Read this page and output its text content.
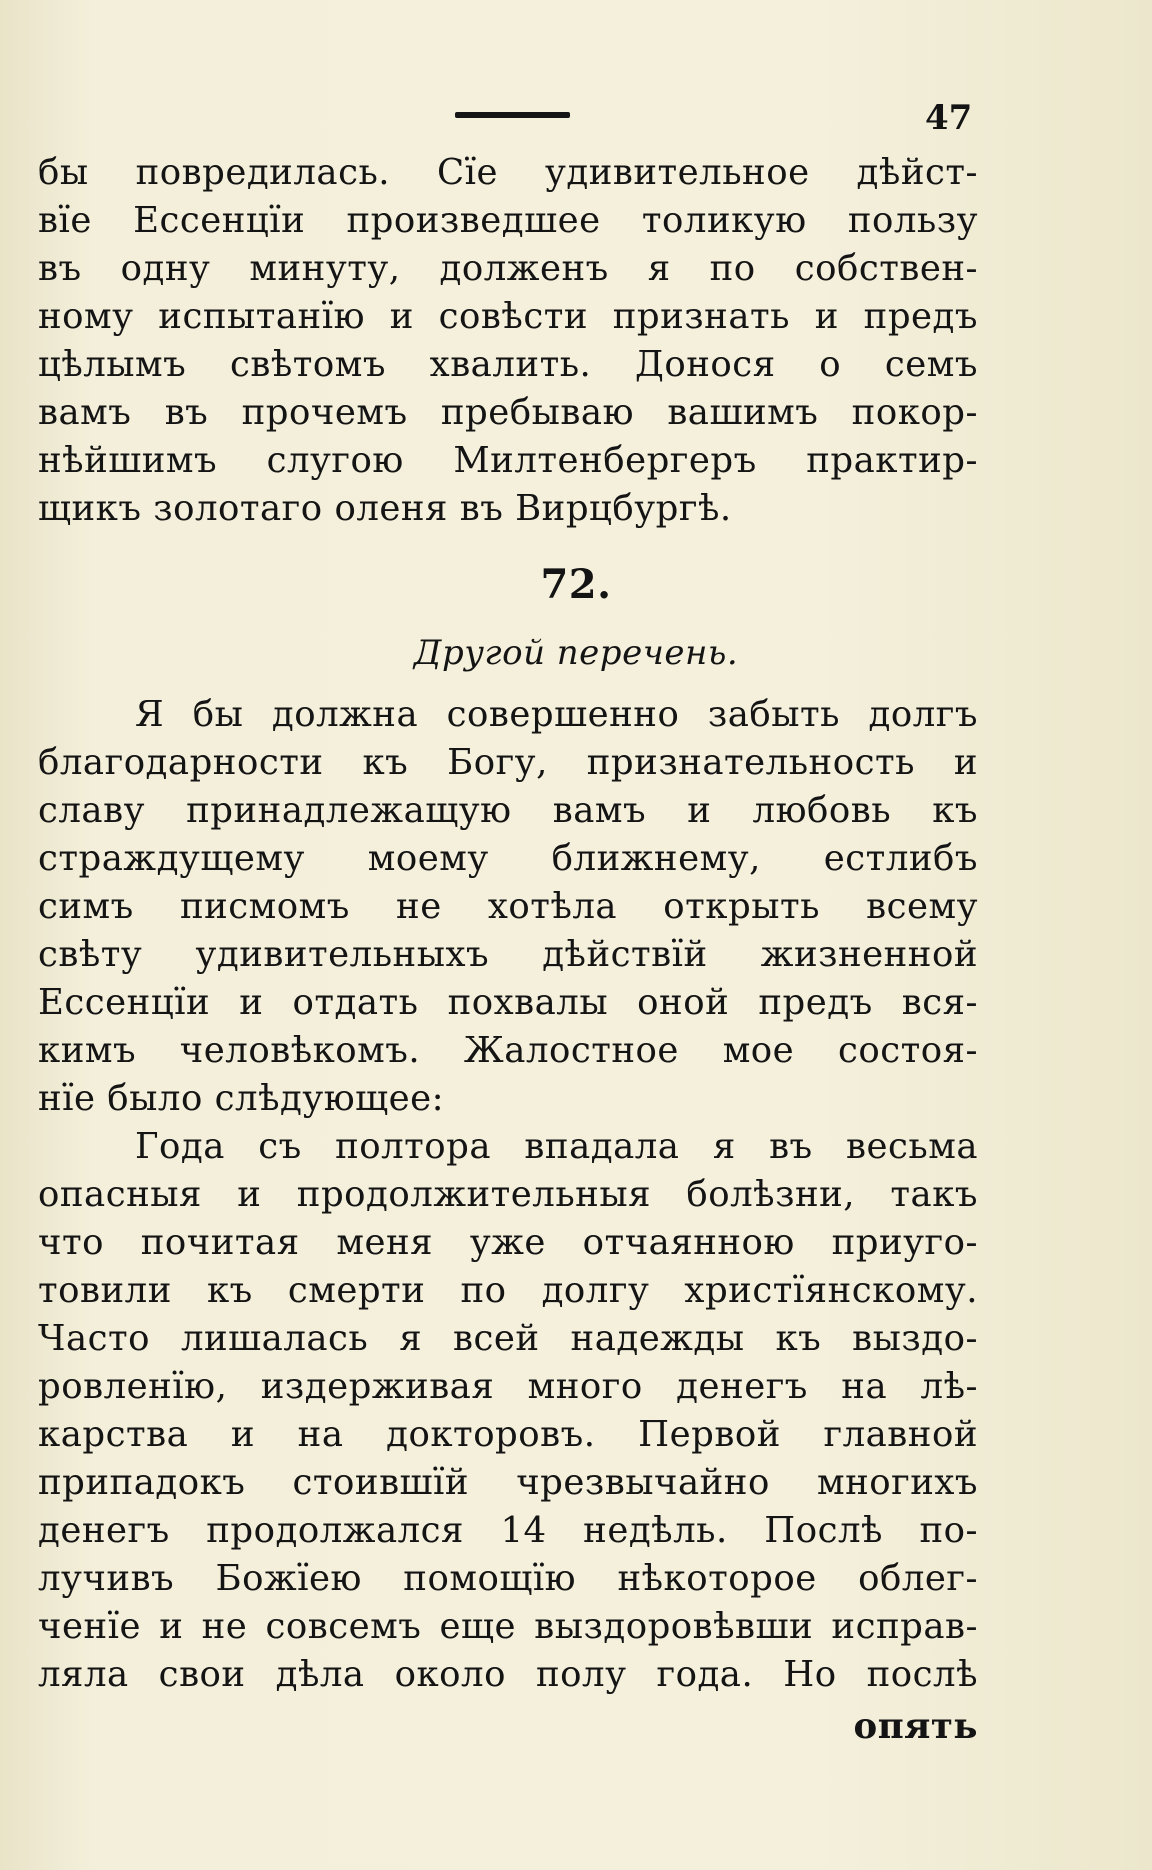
47
бы повредилась. Сїе удивительное дѣйст-
вїе Ессенцїи произведшее толикую пользу
въ одну минуту, долженъ я по собствен-
ному испытанїю и совѣсти признать и предъ
цѣлымъ свѣтомъ хвалить. Донося о семъ
вамъ въ прочемъ пребываю вашимъ покор-
нѣйшимъ слугою Милтенбергеръ практир-
щикъ золотаго оленя въ Вирцбургѣ.
72.
Другой перечень.
Я бы должна совершенно забыть долгъ
благодарности къ Богу, признательность и
славу принадлежащую вамъ и любовь къ
страждущему моему ближнему, естлибъ
симъ писмомъ не хотѣла открыть всему
свѣту удивительныхъ дѣйствїй жизненной
Ессенцїи и отдать похвалы оной предъ вся-
кимъ человѣкомъ. Жалостное мое состоя-
нїе было слѣдующее:
Года съ полтора впадала я въ весьма
опасныя и продолжительныя болѣзни, такъ
что почитая меня уже отчаянною приуго-
товили къ смерти по долгу христїянскому.
Часто лишалась я всей надежды къ выздо-
ровленїю, издерживая много денегъ на лѣ-
карства и на докторовъ. Первой главной
припадокъ стоившїй чрезвычайно многихъ
денегъ продолжался 14 недѣль. Послѣ по-
лучивъ Божїею помощїю нѣкоторое облег-
ченїе и не совсемъ еще выздоровѣвши исправ-
ляла свои дѣла около полу года. Но послѣ
опять
